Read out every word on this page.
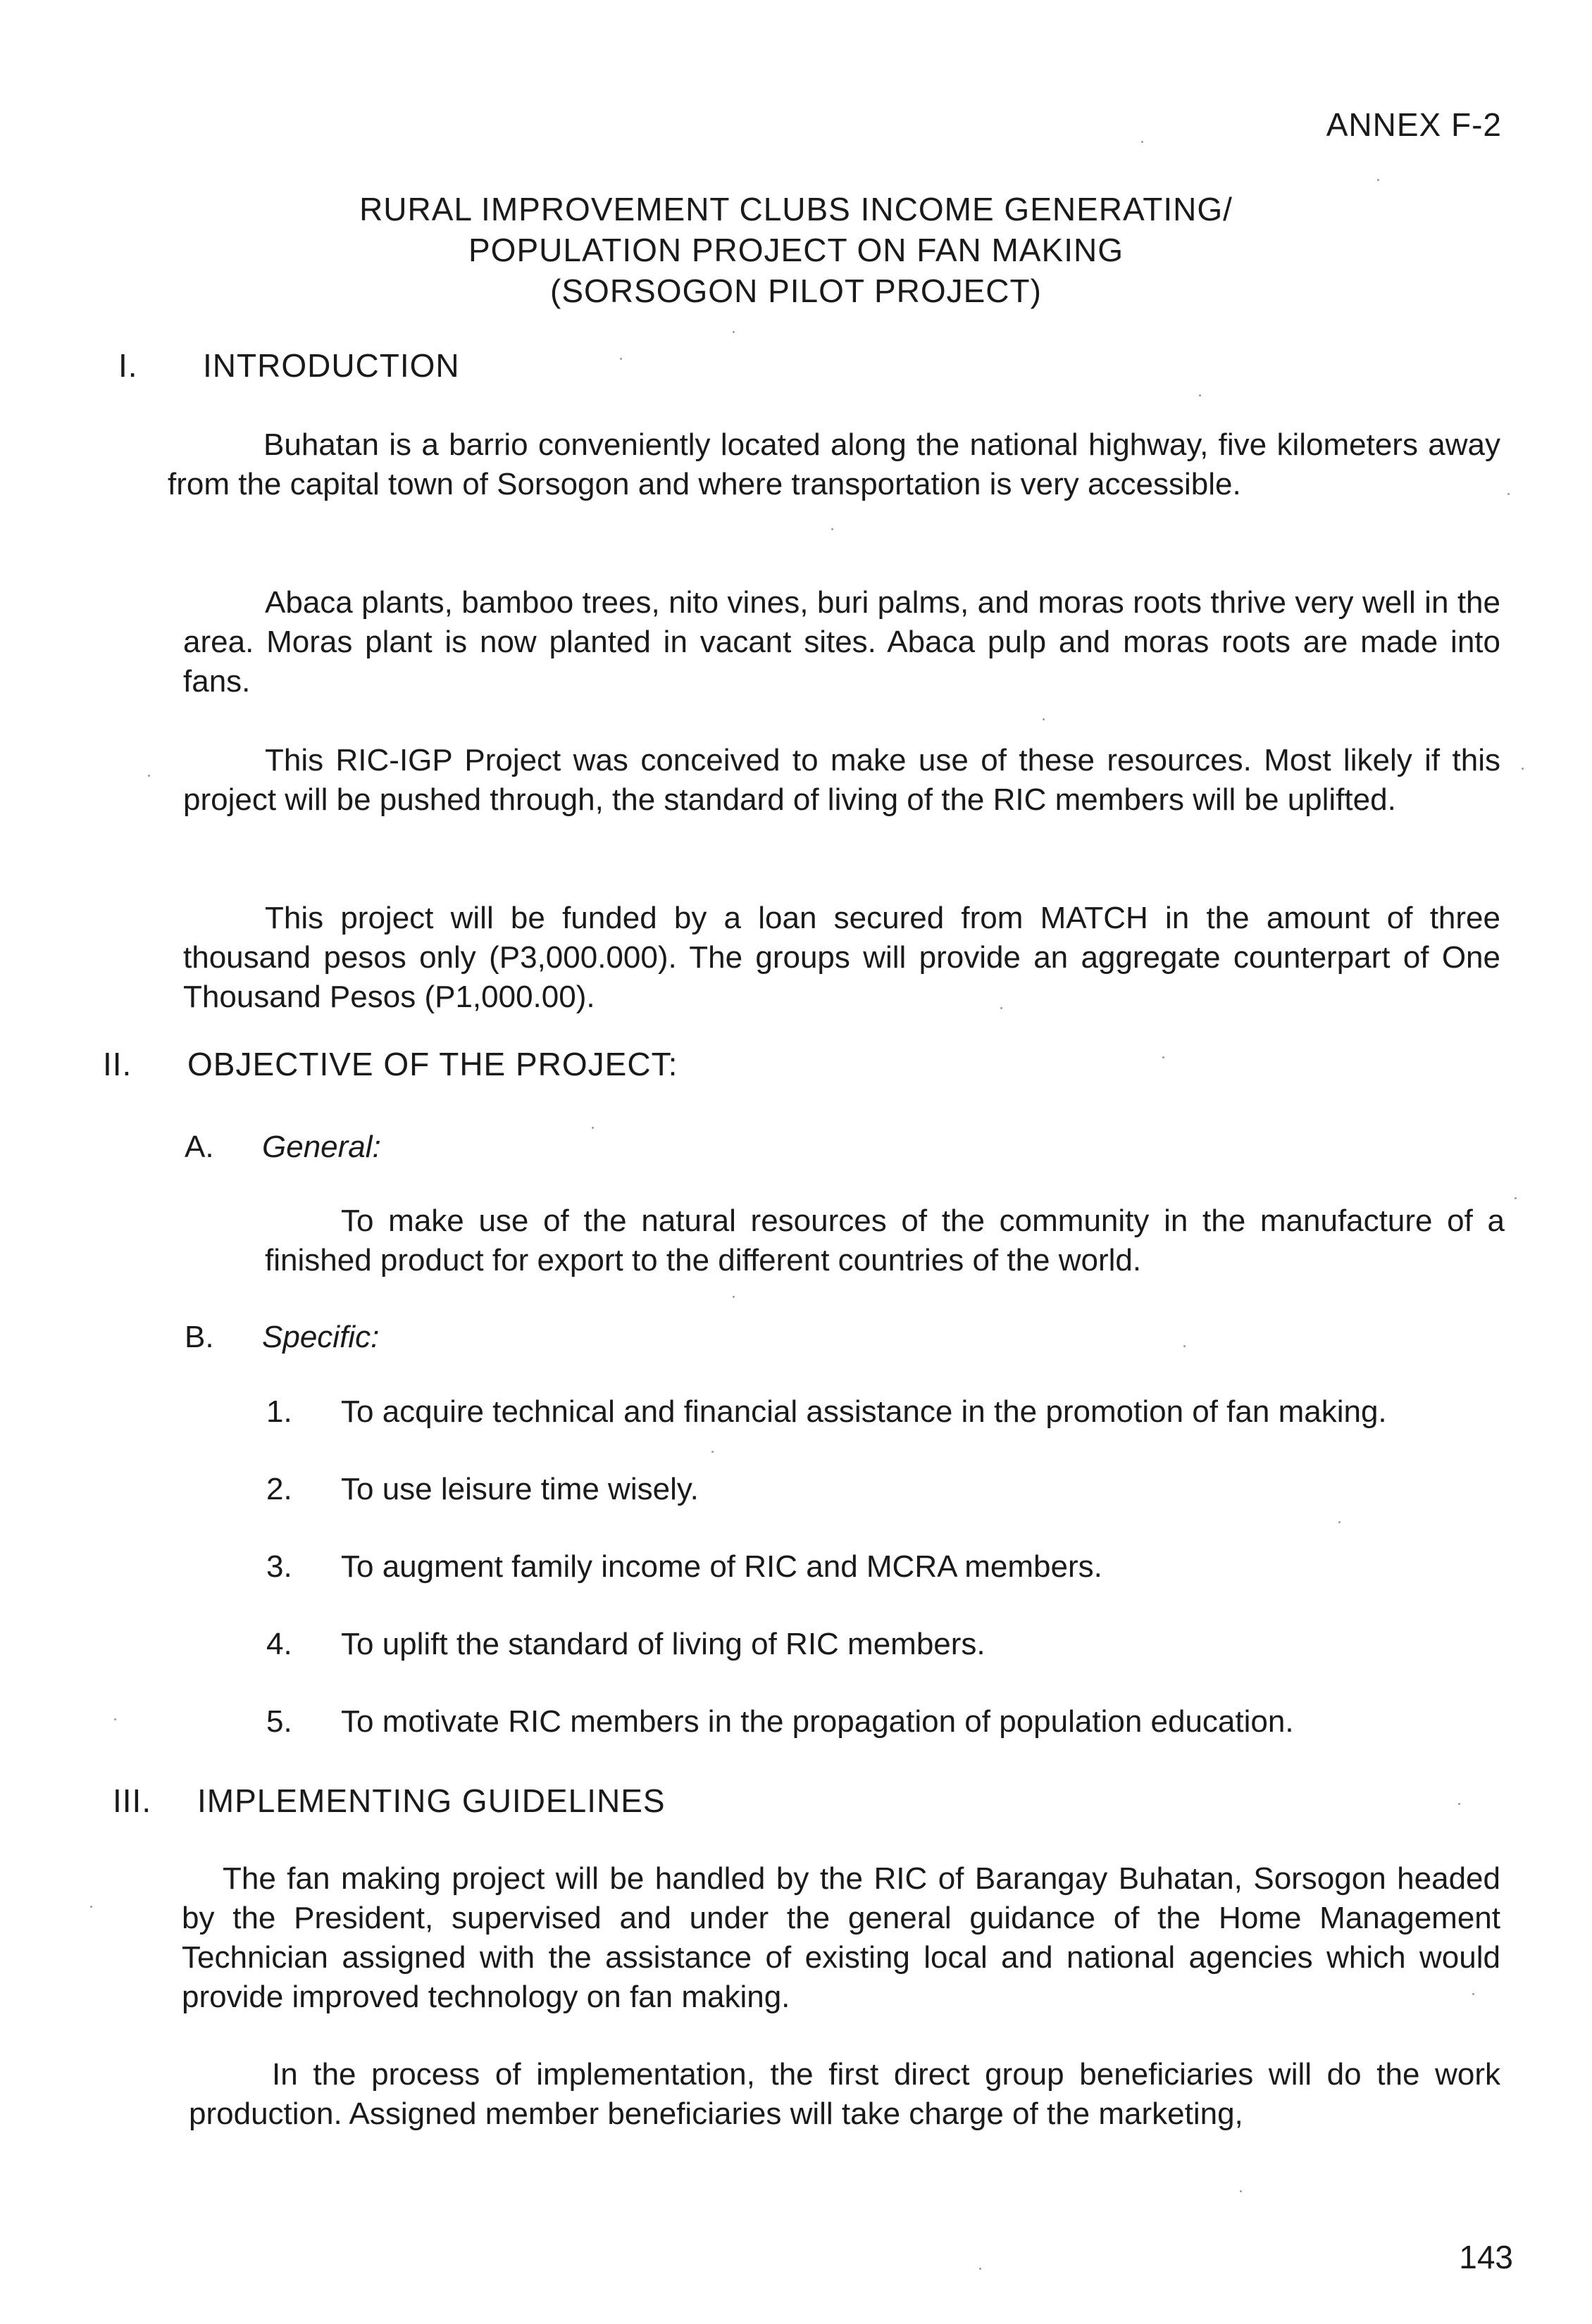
ANNEX F-2
RURAL IMPROVEMENT CLUBS INCOME GENERATING/
POPULATION PROJECT ON FAN MAKING
(SORSOGON PILOT PROJECT)
I. INTRODUCTION
Buhatan is a barrio conveniently located along the national highway, five kilometers away from the capital town of Sorsogon and where transportation is very accessible.
Abaca plants, bamboo trees, nito vines, buri palms, and moras roots thrive very well in the area. Moras plant is now planted in vacant sites. Abaca pulp and moras roots are made into fans.
This RIC-IGP Project was conceived to make use of these resources. Most likely if this project will be pushed through, the standard of living of the RIC members will be uplifted.
This project will be funded by a loan secured from MATCH in the amount of three thousand pesos only (P3,000.000). The groups will provide an aggregate counterpart of One Thousand Pesos (P1,000.00).
II. OBJECTIVE OF THE PROJECT:
A. General:
To make use of the natural resources of the community in the manufacture of a finished product for export to the different countries of the world.
B. Specific:
1. To acquire technical and financial assistance in the promotion of fan making.
2. To use leisure time wisely.
3. To augment family income of RIC and MCRA members.
4. To uplift the standard of living of RIC members.
5. To motivate RIC members in the propagation of population education.
III. IMPLEMENTING GUIDELINES
The fan making project will be handled by the RIC of Barangay Buhatan, Sorsogon headed by the President, supervised and under the general guidance of the Home Management Technician assigned with the assistance of existing local and national agencies which would provide improved technology on fan making.
In the process of implementation, the first direct group beneficiaries will do the work production. Assigned member beneficiaries will take charge of the marketing,
143
